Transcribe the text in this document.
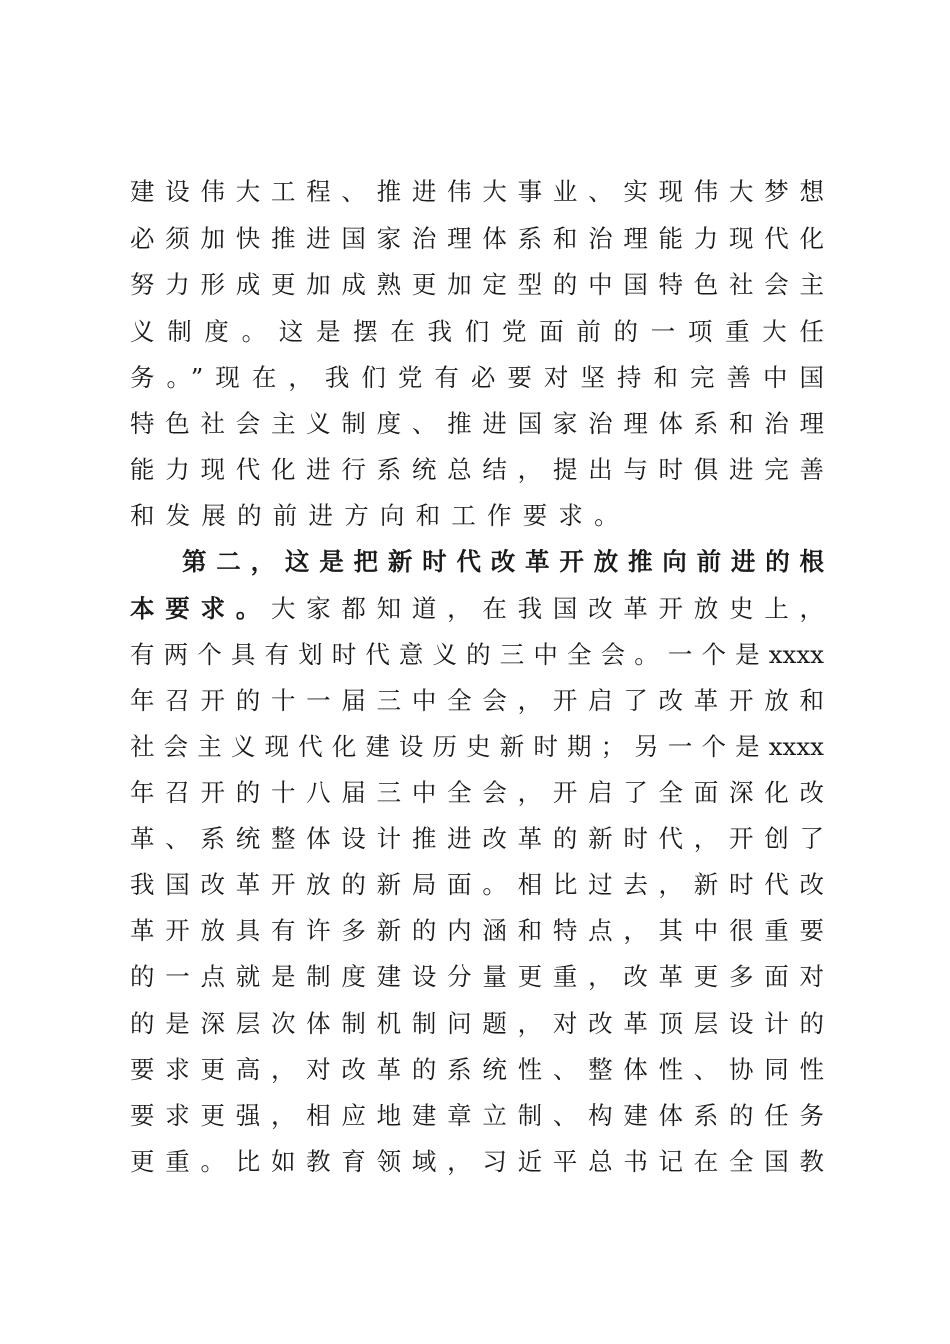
建设伟大工程、推进伟大事业、实现伟大梦想
必须加快推进国家治理体系和治理能力现代化
努力形成更加成熟更加定型的中国特色社会主
义制度。这是摆在我们党面前的一项重大任
务。”现在，我们党有必要对坚持和完善中国
特色社会主义制度、推进国家治理体系和治理
能力现代化进行系统总结，提出与时俱进完善
和发展的前进方向和工作要求。
第二，这是把新时代改革开放推向前进的根
本要求。大家都知道，在我国改革开放史上，
有两个具有划时代意义的三中全会。一个是xxxx
年召开的十一届三中全会，开启了改革开放和
社会主义现代化建设历史新时期；另一个是xxxx
年召开的十八届三中全会，开启了全面深化改
革、系统整体设计推进改革的新时代，开创了
我国改革开放的新局面。相比过去，新时代改
革开放具有许多新的内涵和特点，其中很重要
的一点就是制度建设分量更重，改革更多面对
的是深层次体制机制问题，对改革顶层设计的
要求更高，对改革的系统性、整体性、协同性
要求更强，相应地建章立制、构建体系的任务
更重。比如教育领域，习近平总书记在全国教
